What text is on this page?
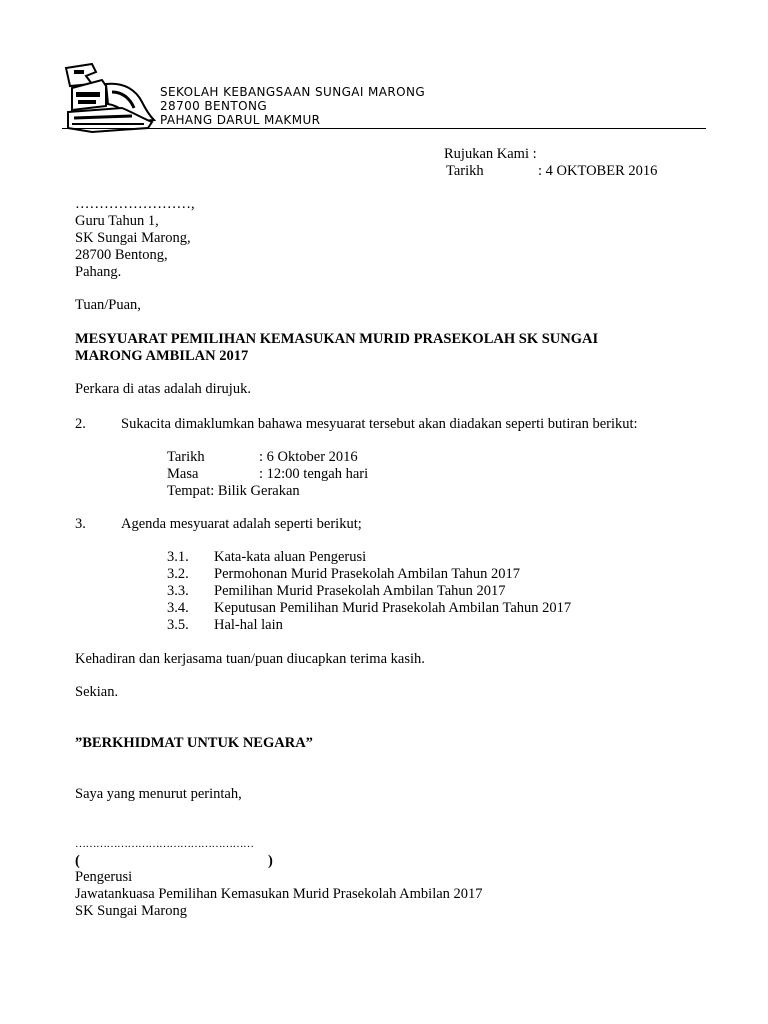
SEKOLAH KEBANGSAAN SUNGAI MARONG
28700 BENTONG
PAHANG DARUL MAKMUR
Rujukan Kami :
Tarikh	: 4 OKTOBER 2016
……………………,
Guru Tahun 1,
SK Sungai Marong,
28700 Bentong,
Pahang.
Tuan/Puan,
MESYUARAT PEMILIHAN KEMASUKAN MURID PRASEKOLAH SK SUNGAI
MARONG AMBILAN 2017
Perkara di atas adalah dirujuk.
2. Sukacita dimaklumkan bahawa mesyuarat tersebut akan diadakan seperti butiran berikut:
Tarikh	: 6 Oktober 2016
Masa	: 12:00 tengah hari
Tempat: Bilik Gerakan
3. Agenda mesyuarat adalah seperti berikut;
3.1. Kata-kata aluan Pengerusi
3.2. Permohonan Murid Prasekolah Ambilan Tahun 2017
3.3. Pemilihan Murid Prasekolah Ambilan Tahun 2017
3.4. Keputusan Pemilihan Murid Prasekolah Ambilan Tahun 2017
3.5. Hal-hal lain
Kehadiran dan kerjasama tuan/puan diucapkan terima kasih.
Sekian.
”BERKHIDMAT UNTUK NEGARA”
Saya yang menurut perintah,
……………………………………………
(	)
Pengerusi
Jawatankuasa Pemilihan Kemasukan Murid Prasekolah Ambilan 2017
SK Sungai Marong
